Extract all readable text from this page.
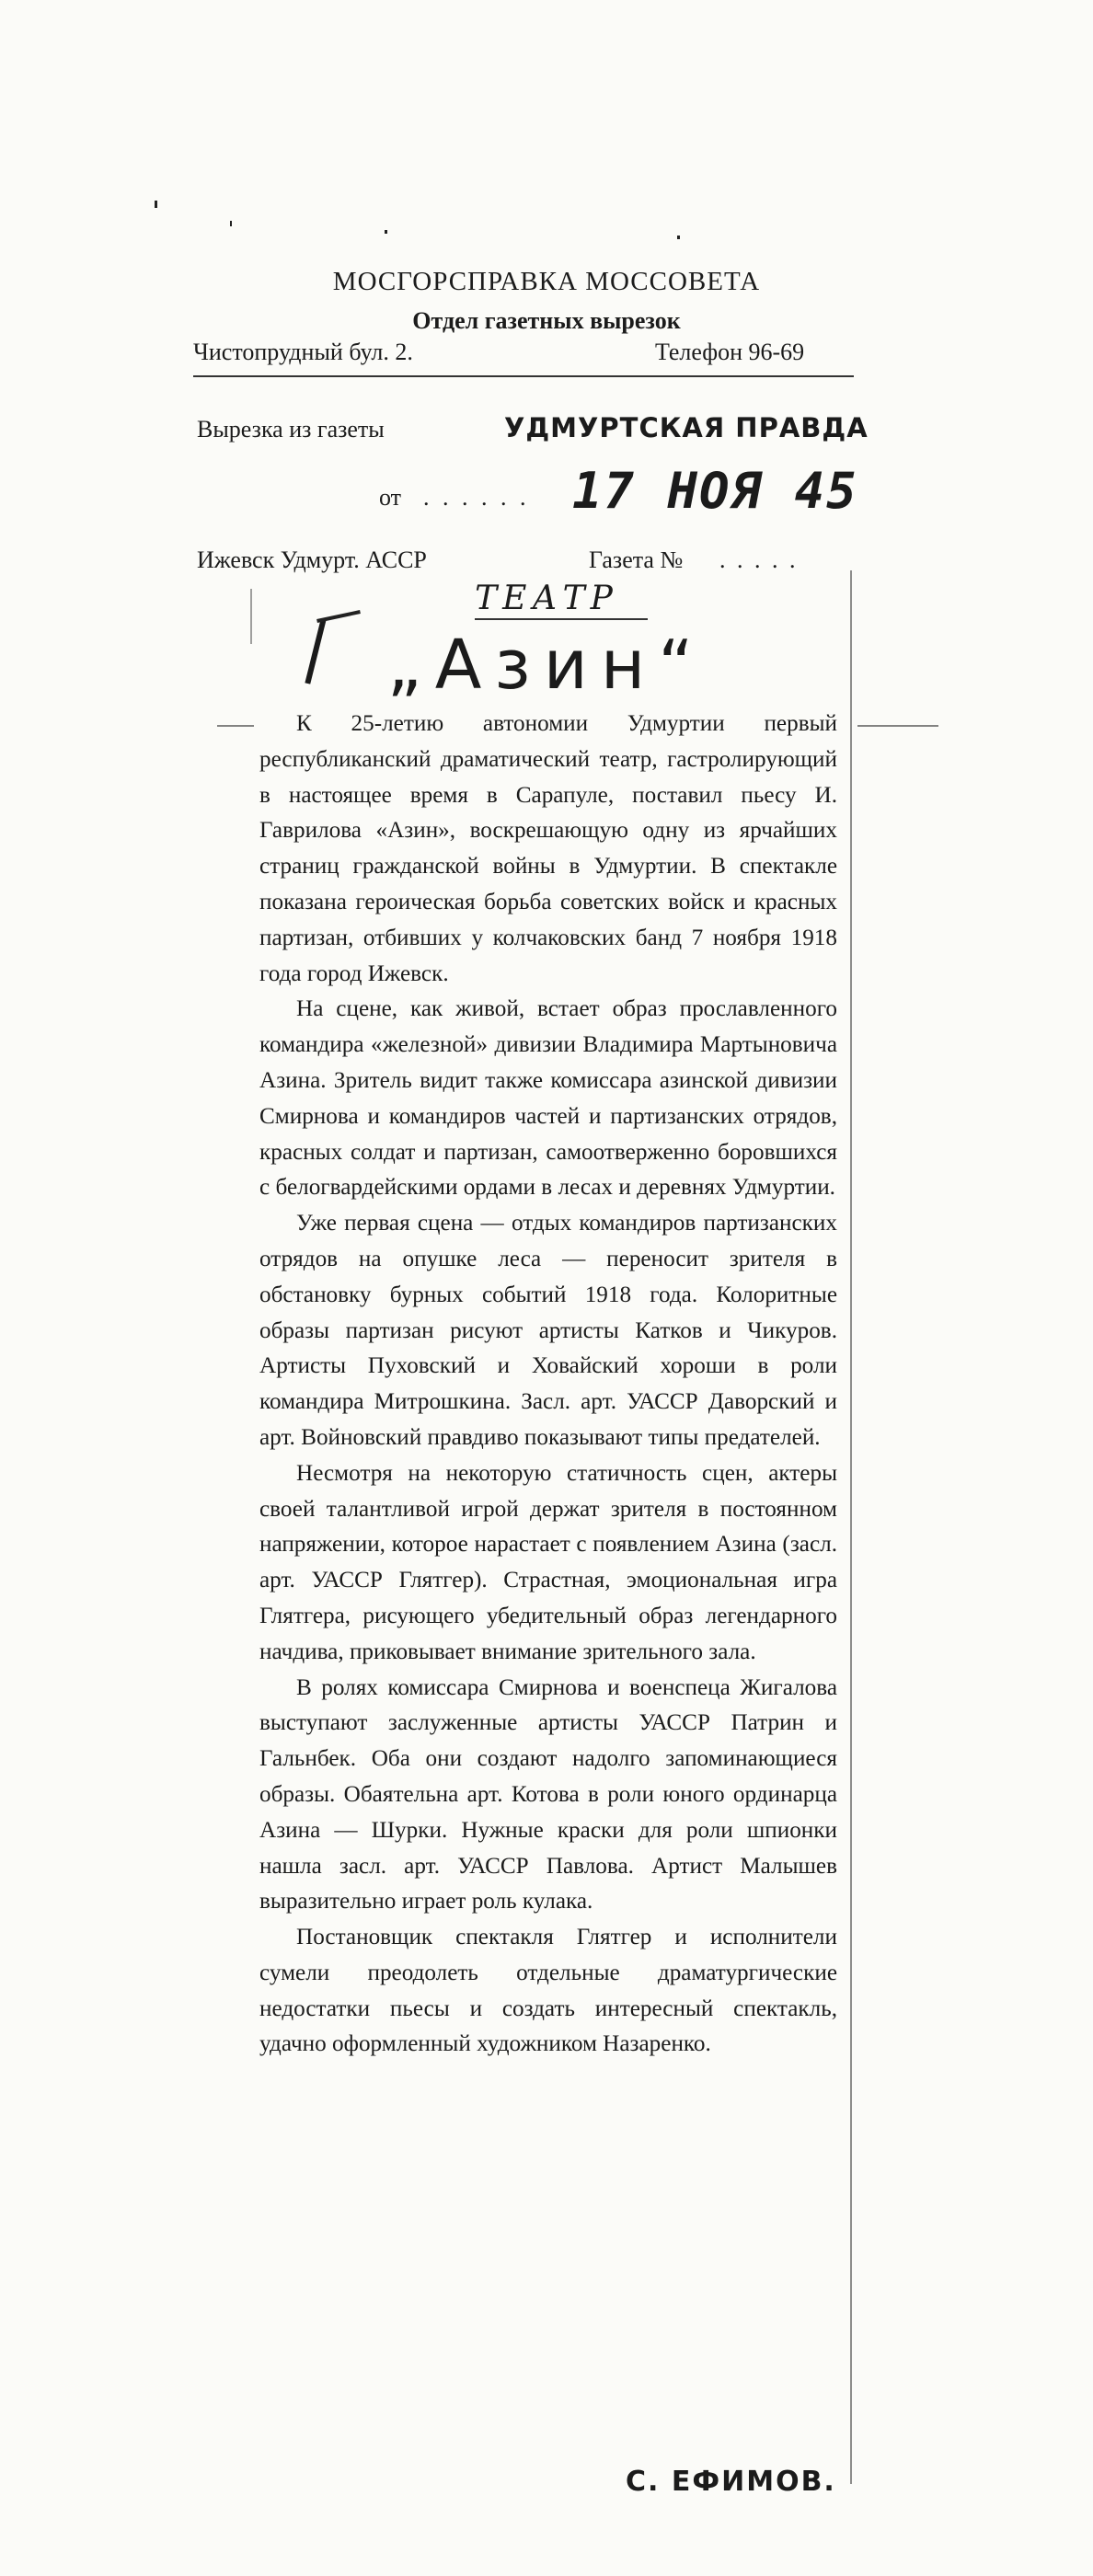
МОСГОРСПРАВКА МОССОВЕТА
Отдел газетных вырезок
Чистопрудный бул. 2.	Телефон 96-69
Вырезка из газеты	УДМУРТСКАЯ ПРАВДА
от . . . . . . 17 НОЯ 45
Ижевск Удмурт. АССР	Газета № . . . . .
ТЕАТР
„Азин“

К 25-летию автономии Удмуртии первый республиканский драматический театр, гастролирующий в настоящее время в Сарапуле, поставил пьесу И. Гаврилова «Азин», воскрешающую одну из ярчайших страниц гражданской войны в Удмуртии. В спектакле показана героическая борьба советских войск и красных партизан, отбивших у колчаковских банд 7 ноября 1918 года город Ижевск.

На сцене, как живой, встает образ прославленного командира «железной» дивизии Владимира Мартыновича Азина. Зритель видит также комиссара азинской дивизии Смирнова и командиров частей и партизанских отрядов, красных солдат и партизан, самоотверженно боровшихся с белогвардейскими ордами в лесах и деревнях Удмуртии.

Уже первая сцена — отдых командиров партизанских отрядов на опушке леса — переносит зрителя в обстановку бурных событий 1918 года. Колоритные образы партизан рисуют артисты Катков и Чикуров. Артисты Пуховский и Ховайский хороши в роли командира Митрошкина. Засл. арт. УАССР Даворский и арт. Войновский правдиво показывают типы предателей.

Несмотря на некоторую статичность сцен, актеры своей талантливой игрой держат зрителя в постоянном напряжении, которое нарастает с появлением Азина (засл. арт. УАССР Глятгер). Страстная, эмоциональная игра Глятгера, рисующего убедительный образ легендарного начдива, приковывает внимание зрительного зала.

В ролях комиссара Смирнова и военспеца Жигалова выступают заслуженные артисты УАССР Патрин и Гальнбек. Оба они создают надолго запоминающиеся образы. Обаятельна арт. Котова в роли юного ординарца Азина — Шурки. Нужные краски для роли шпионки нашла засл. арт. УАССР Павлова. Артист Малышев выразительно играет роль кулака.

Постановщик спектакля Глятгер и исполнители сумели преодолеть отдельные драматургические недостатки пьесы и создать интересный спектакль, удачно оформленный художником Назаренко.

С. ЕФИМОВ.
